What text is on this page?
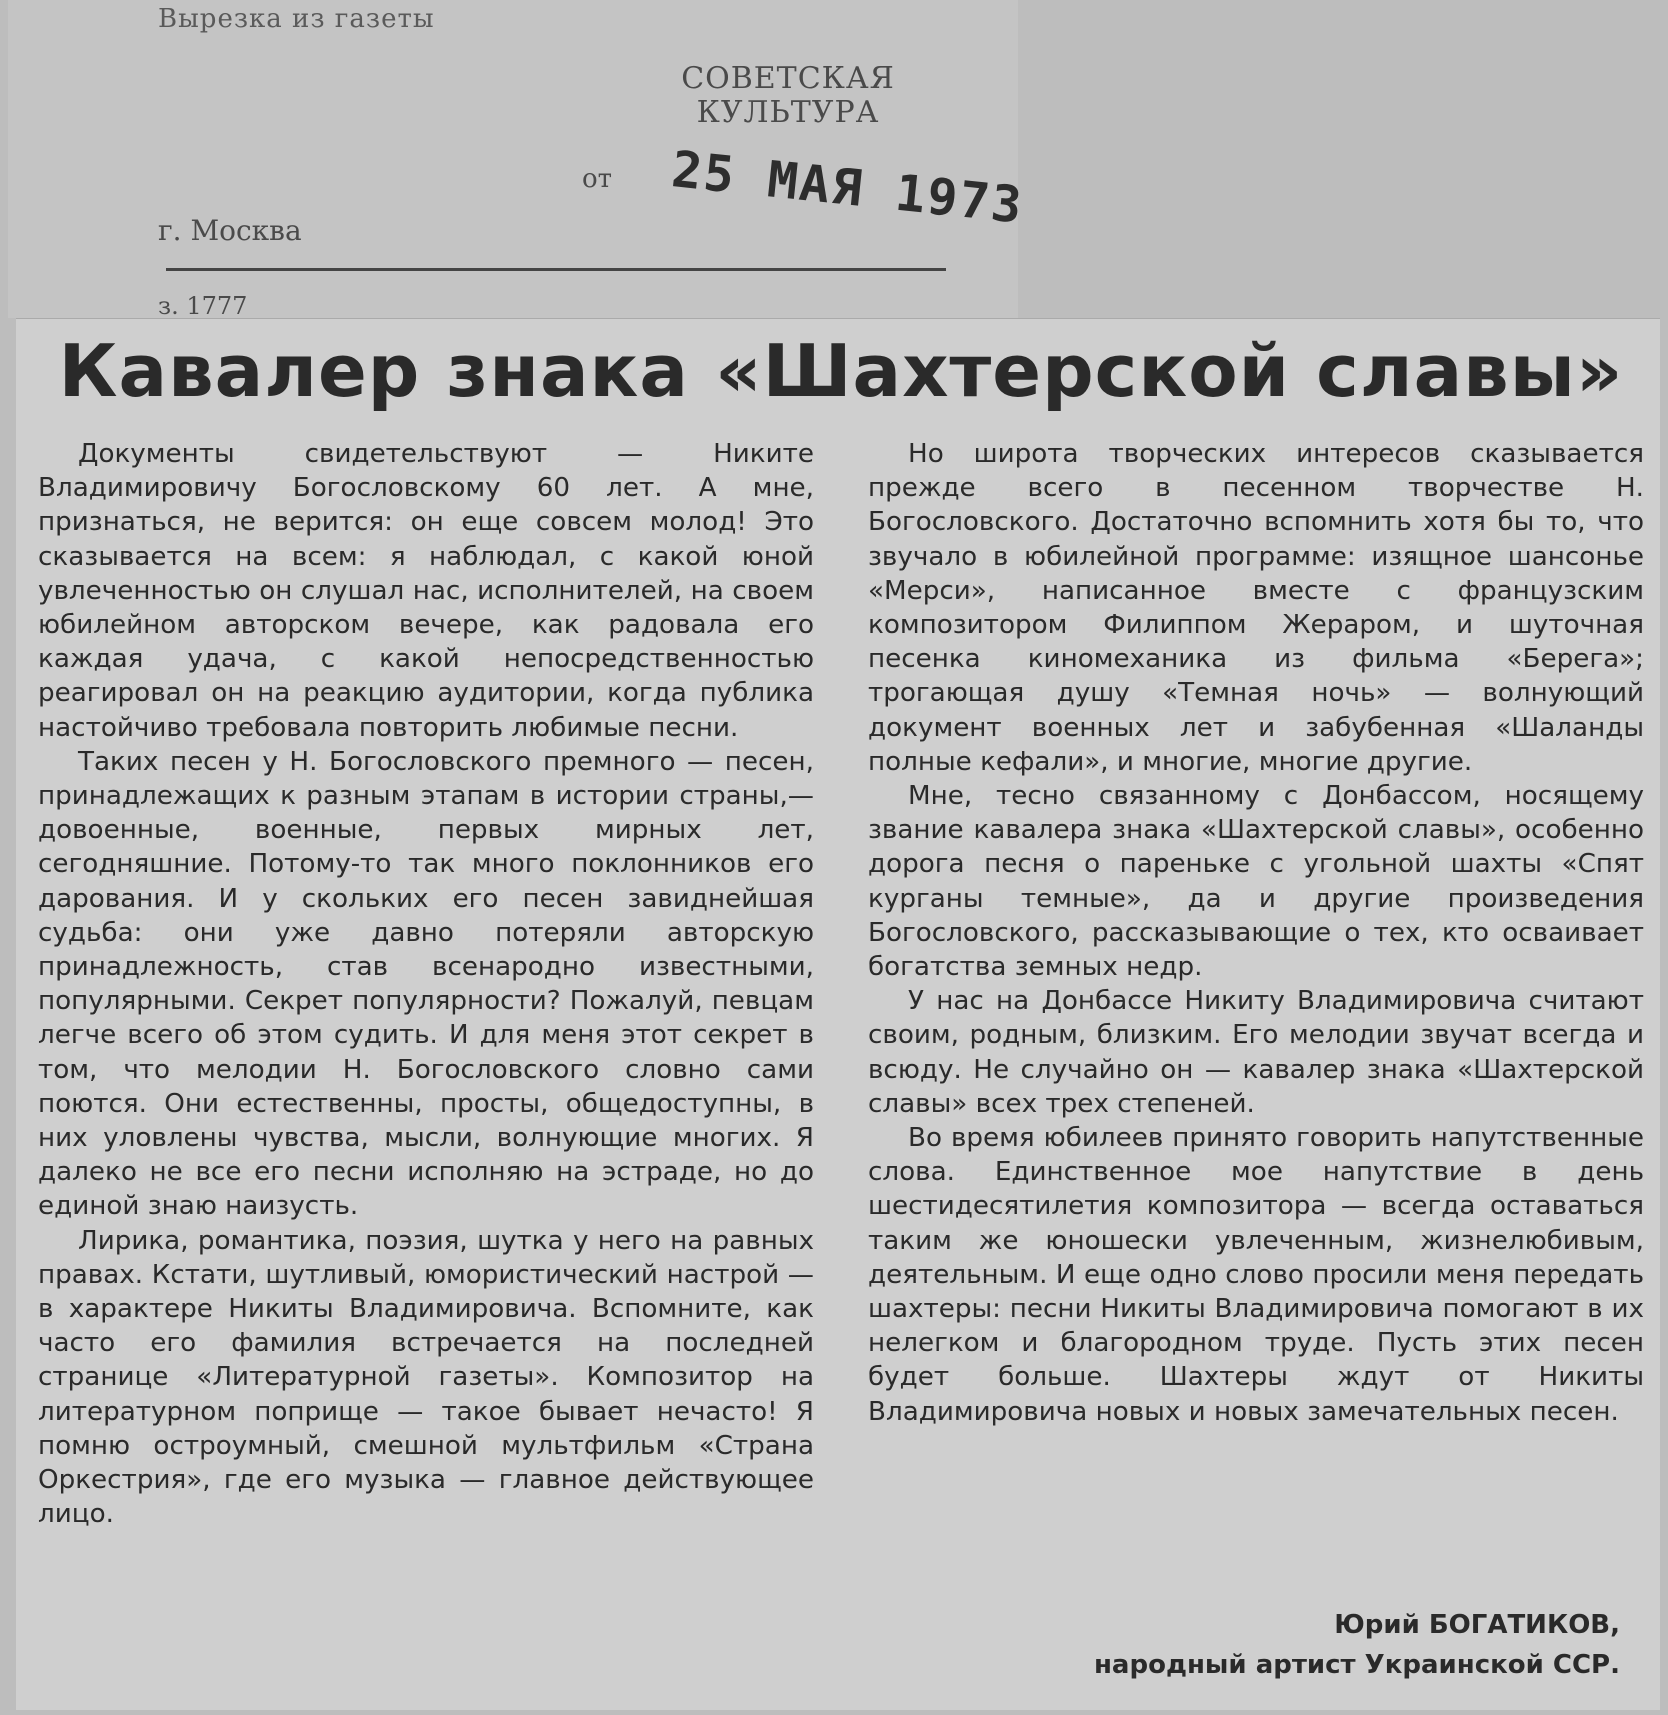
Вырезка из газеты
СОВЕТСКАЯ
КУЛЬТУРА
от 25 МАЯ 1973
г. Москва
з. 1777
Кавалер знака «Шахтерской славы»

Документы свидетельствуют — Никите Владимировичу Богословскому 60 лет. А мне, признаться, не верится: он еще совсем молод! Это сказывается на всем: я наблюдал, с какой юной увлеченностью он слушал нас, исполнителей, на своем юбилейном авторском вечере, как радовала его каждая удача, с какой непосредственностью реагировал он на реакцию аудитории, когда публика настойчиво требовала повторить любимые песни.

Таких песен у Н. Богословского премного — песен, принадлежащих к разным этапам в истории страны,— довоенные, военные, первых мирных лет, сегодняшние. Потому-то так много поклонников его дарования. И у скольких его песен завиднейшая судьба: они уже давно потеряли авторскую принадлежность, став всенародно известными, популярными. Секрет популярности? Пожалуй, певцам легче всего об этом судить. И для меня этот секрет в том, что мелодии Н. Богословского словно сами поются. Они естественны, просты, общедоступны, в них уловлены чувства, мысли, волнующие многих. Я далеко не все его песни исполняю на эстраде, но до единой знаю наизусть.

Лирика, романтика, поэзия, шутка у него на равных правах. Кстати, шутливый, юмористический настрой — в характере Никиты Владимировича. Вспомните, как часто его фамилия встречается на последней странице «Литературной газеты». Композитор на литературном поприще — такое бывает нечасто! Я помню остроумный, смешной мультфильм «Страна Оркестрия», где его музыка — главное действующее лицо.

Но широта творческих интересов сказывается прежде всего в песенном творчестве Н. Богословского. Достаточно вспомнить хотя бы то, что звучало в юбилейной программе: изящное шансонье «Мерси», написанное вместе с французским композитором Филиппом Жераром, и шуточная песенка киномеханика из фильма «Берега»; трогающая душу «Темная ночь» — волнующий документ военных лет и забубенная «Шаланды полные кефали», и многие, многие другие.

Мне, тесно связанному с Донбассом, носящему звание кавалера знака «Шахтерской славы», особенно дорога песня о пареньке с угольной шахты «Спят курганы темные», да и другие произведения Богословского, рассказывающие о тех, кто осваивает богатства земных недр.

У нас на Донбассе Никиту Владимировича считают своим, родным, близким. Его мелодии звучат всегда и всюду. Не случайно он — кавалер знака «Шахтерской славы» всех трех степеней.

Во время юбилеев принято говорить напутственные слова. Единственное мое напутствие в день шестидесятилетия композитора — всегда оставаться таким же юношески увлеченным, жизнелюбивым, деятельным. И еще одно слово просили меня передать шахтеры: песни Никиты Владимировича помогают в их нелегком и благородном труде. Пусть этих песен будет больше. Шахтеры ждут от Никиты Владимировича новых и новых замечательных песен.

Юрий БОГАТИКОВ,
народный артист Украинской ССР.
